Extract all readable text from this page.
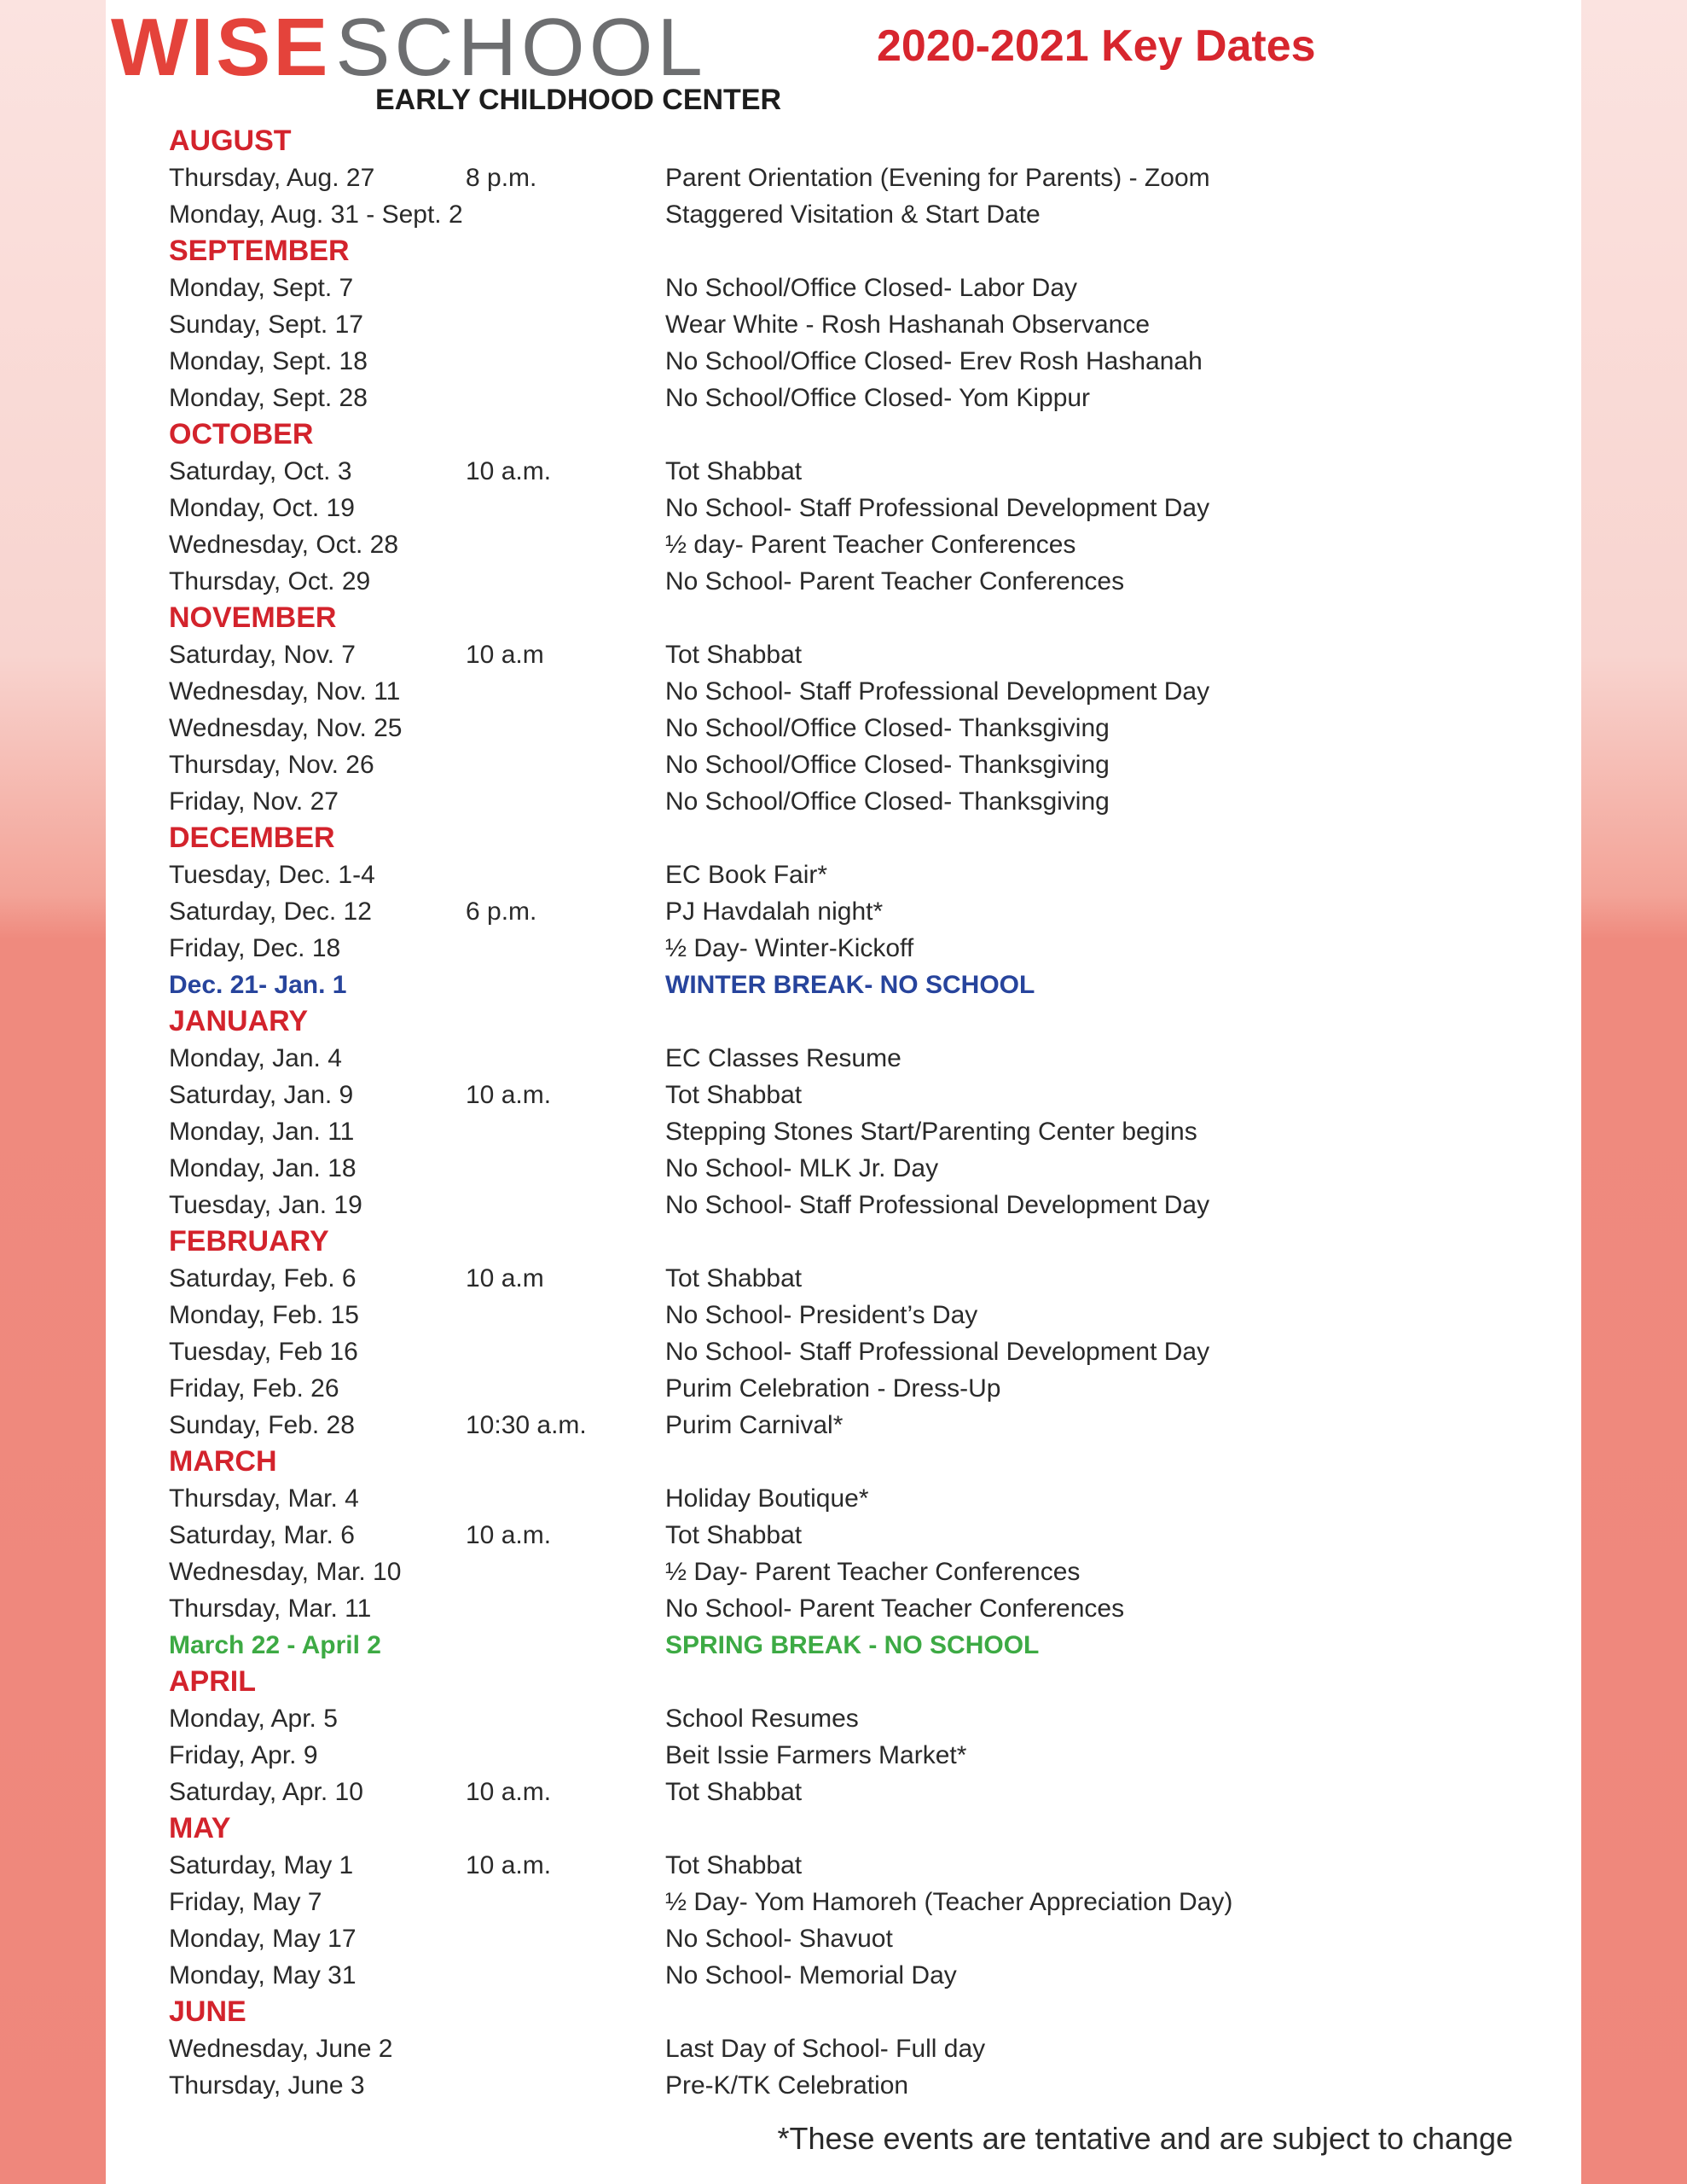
WISESCHOOL
EARLY CHILDHOOD CENTER
2020-2021 Key Dates
AUGUST
Thursday, Aug. 27	8 p.m.	Parent Orientation (Evening for Parents) - Zoom
Monday, Aug. 31 - Sept. 2	Staggered Visitation & Start Date
SEPTEMBER
Monday, Sept. 7	No School/Office Closed- Labor Day
Sunday, Sept. 17	Wear White - Rosh Hashanah Observance
Monday, Sept. 18	No School/Office Closed- Erev Rosh Hashanah
Monday, Sept. 28	No School/Office Closed- Yom Kippur
OCTOBER
Saturday, Oct. 3	10 a.m.	Tot Shabbat
Monday, Oct. 19	No School- Staff Professional Development Day
Wednesday, Oct. 28	½ day- Parent Teacher Conferences
Thursday, Oct. 29	No School- Parent Teacher Conferences
NOVEMBER
Saturday, Nov. 7	10 a.m	Tot Shabbat
Wednesday, Nov. 11	No School- Staff Professional Development Day
Wednesday, Nov. 25	No School/Office Closed- Thanksgiving
Thursday, Nov. 26	No School/Office Closed- Thanksgiving
Friday, Nov. 27	No School/Office Closed- Thanksgiving
DECEMBER
Tuesday, Dec. 1-4	EC Book Fair*
Saturday, Dec. 12	6 p.m.	PJ Havdalah night*
Friday, Dec. 18	½ Day- Winter-Kickoff
Dec. 21- Jan. 1	WINTER BREAK- NO SCHOOL
JANUARY
Monday, Jan. 4	EC Classes Resume
Saturday, Jan. 9	10 a.m.	Tot Shabbat
Monday, Jan. 11	Stepping Stones Start/Parenting Center begins
Monday, Jan. 18	No School- MLK Jr. Day
Tuesday, Jan. 19	No School- Staff Professional Development Day
FEBRUARY
Saturday, Feb. 6	10 a.m	Tot Shabbat
Monday, Feb. 15	No School- President’s Day
Tuesday, Feb 16	No School- Staff Professional Development Day
Friday, Feb. 26	Purim Celebration - Dress-Up
Sunday, Feb. 28	10:30 a.m.	Purim Carnival*
MARCH
Thursday, Mar. 4	Holiday Boutique*
Saturday, Mar. 6	10 a.m.	Tot Shabbat
Wednesday, Mar. 10	½ Day- Parent Teacher Conferences
Thursday, Mar. 11	No School- Parent Teacher Conferences
March 22 - April 2	SPRING BREAK - NO SCHOOL
APRIL
Monday, Apr. 5	School Resumes
Friday, Apr. 9	Beit Issie Farmers Market*
Saturday, Apr. 10	10 a.m.	Tot Shabbat
MAY
Saturday, May 1	10 a.m.	Tot Shabbat
Friday, May 7	½ Day- Yom Hamoreh (Teacher Appreciation Day)
Monday, May 17	No School- Shavuot
Monday, May 31	No School- Memorial Day
JUNE
Wednesday, June 2	Last Day of School- Full day
Thursday, June 3	Pre-K/TK Celebration
*These events are tentative and are subject to change
